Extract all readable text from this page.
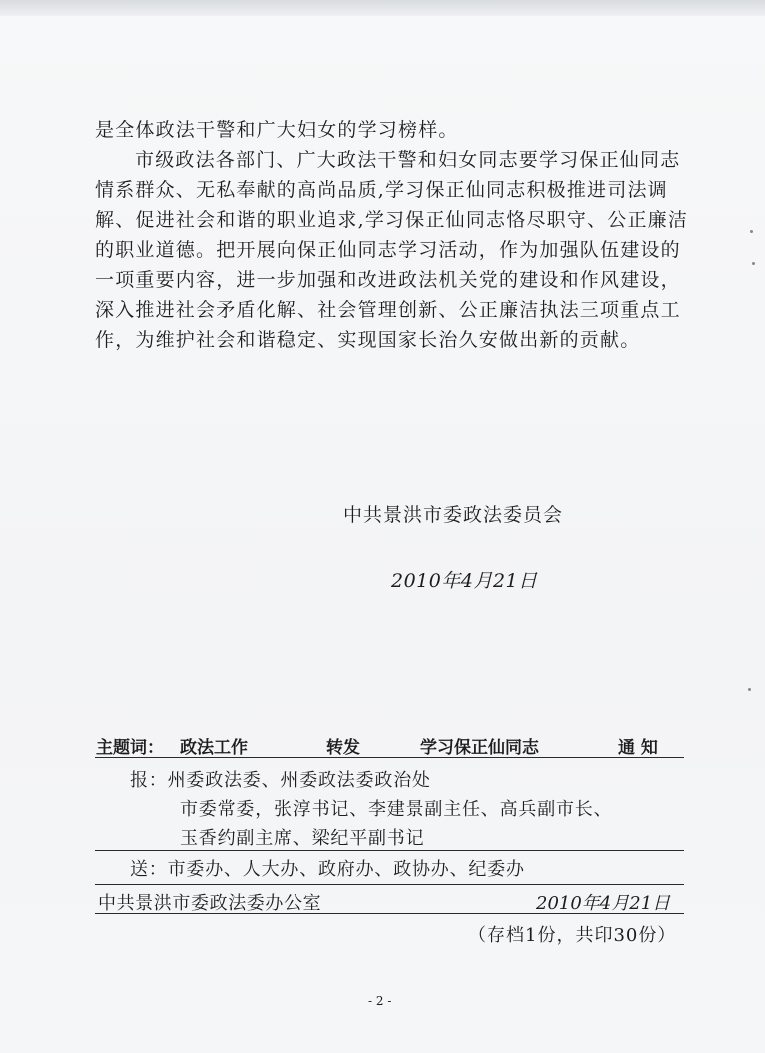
是全体政法干警和广大妇女的学习榜样。

市级政法各部门、广大政法干警和妇女同志要学习保正仙同志情系群众、无私奉献的高尚品质,学习保正仙同志积极推进司法调解、促进社会和谐的职业追求,学习保正仙同志恪尽职守、公正廉洁的职业道德。把开展向保正仙同志学习活动，作为加强队伍建设的一项重要内容，进一步加强和改进政法机关党的建设和作风建设，深入推进社会矛盾化解、社会管理创新、公正廉洁执法三项重点工作，为维护社会和谐稳定、实现国家长治久安做出新的贡献。

中共景洪市委政法委员会
2010年4月21日
主题词： 政法工作	转发	学习保正仙同志	通 知
报：州委政法委、州委政法委政治处
市委常委，张淳书记、李建景副主任、高兵副市长、
玉香约副主席、梁纪平副书记
送：市委办、人大办、政府办、政协办、纪委办
中共景洪市委政法委办公室	2010年4月21日
（存档1份，共印30份）
- 2 -
